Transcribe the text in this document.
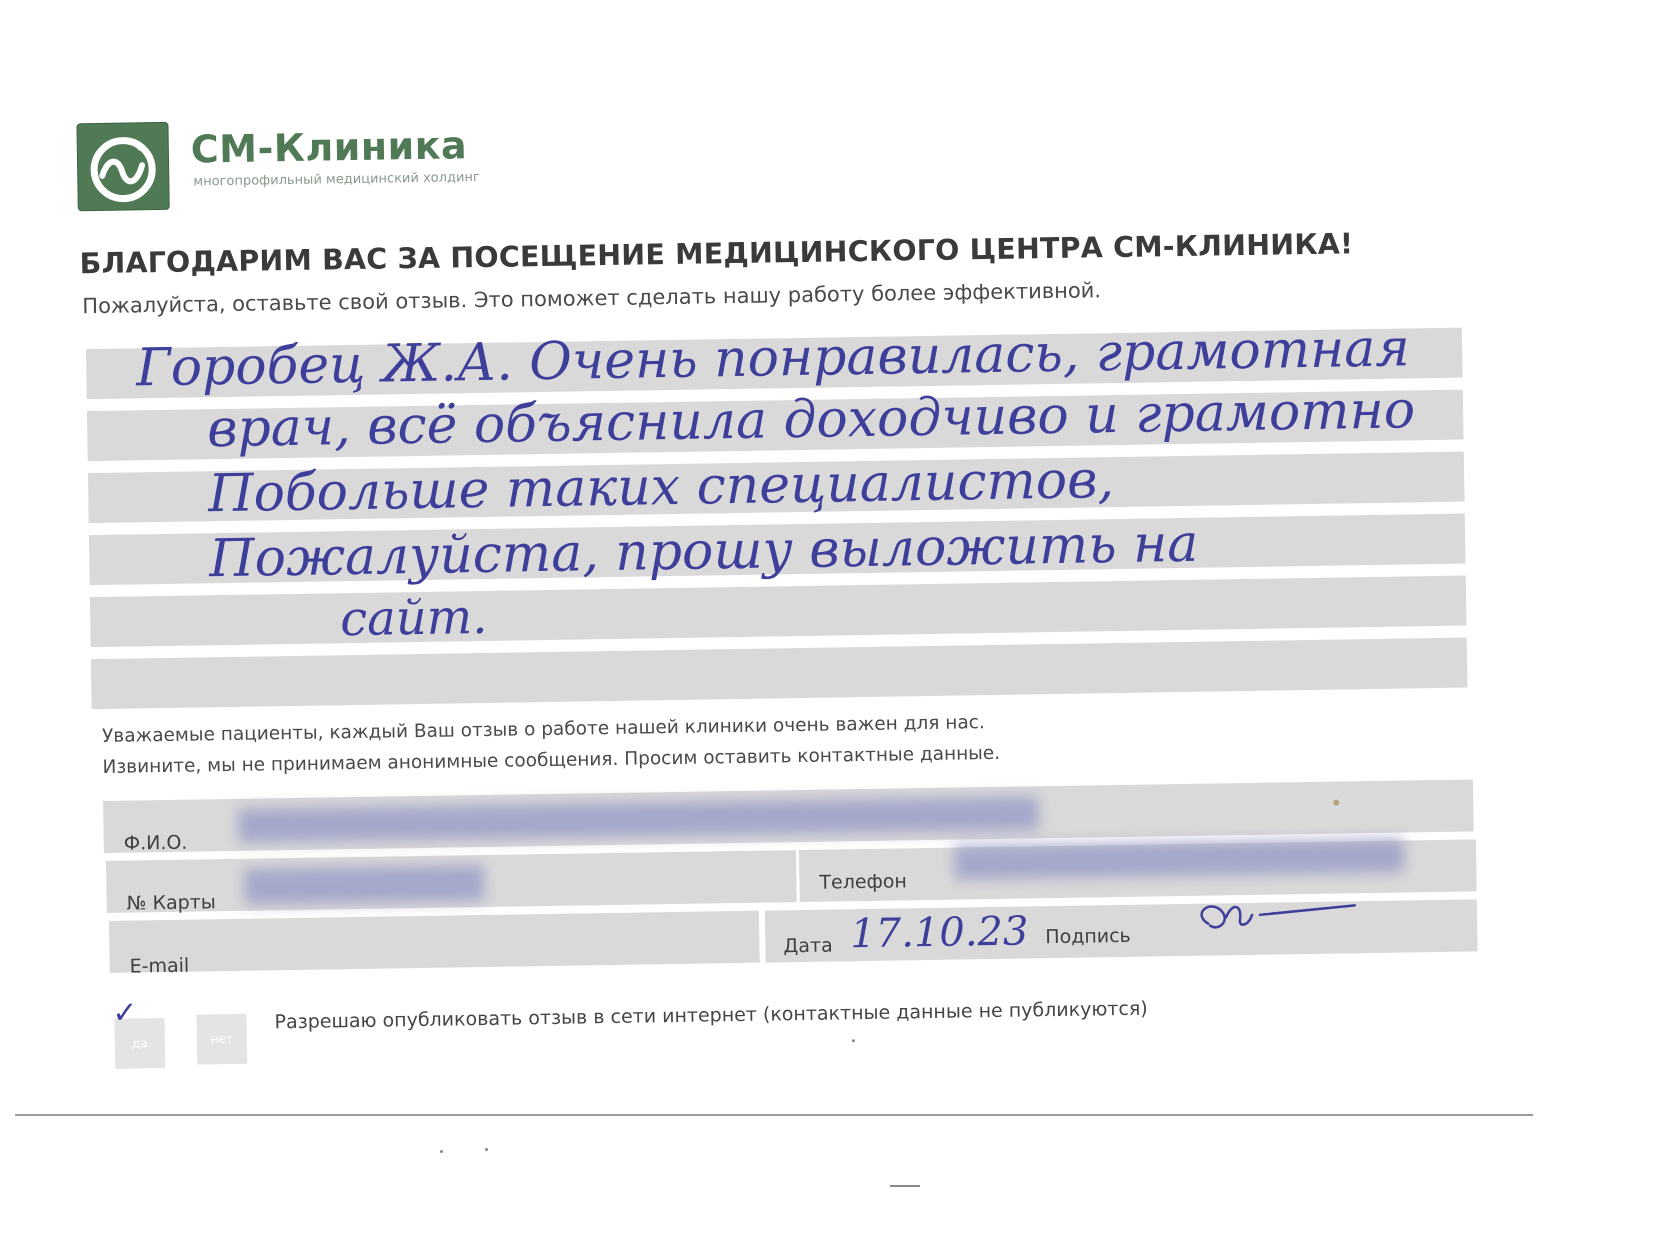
СМ-Клиника
многопрофильный медицинский холдинг
БЛАГОДАРИМ ВАС ЗА ПОСЕЩЕНИЕ МЕДИЦИНСКОГО ЦЕНТРА СМ-КЛИНИКА!
Пожалуйста, оставьте свой отзыв. Это поможет сделать нашу работу более эффективной.
Горобец Ж.А. Очень понравилась, грамотная
врач, всё объяснила доходчиво и грамотно
Побольше таких специалистов,
Пожалуйста, прошу выложить на
сайт.
Уважаемые пациенты, каждый Ваш отзыв о работе нашей клиники очень важен для нас.
Извините, мы не принимаем анонимные сообщения. Просим оставить контактные данные.
Ф.И.О.
№ Карты
Телефон
E-mail
Дата 17.10.23 Подпись
да
✓
нет
Разрешаю опубликовать отзыв в сети интернет (контактные данные не публикуются)
